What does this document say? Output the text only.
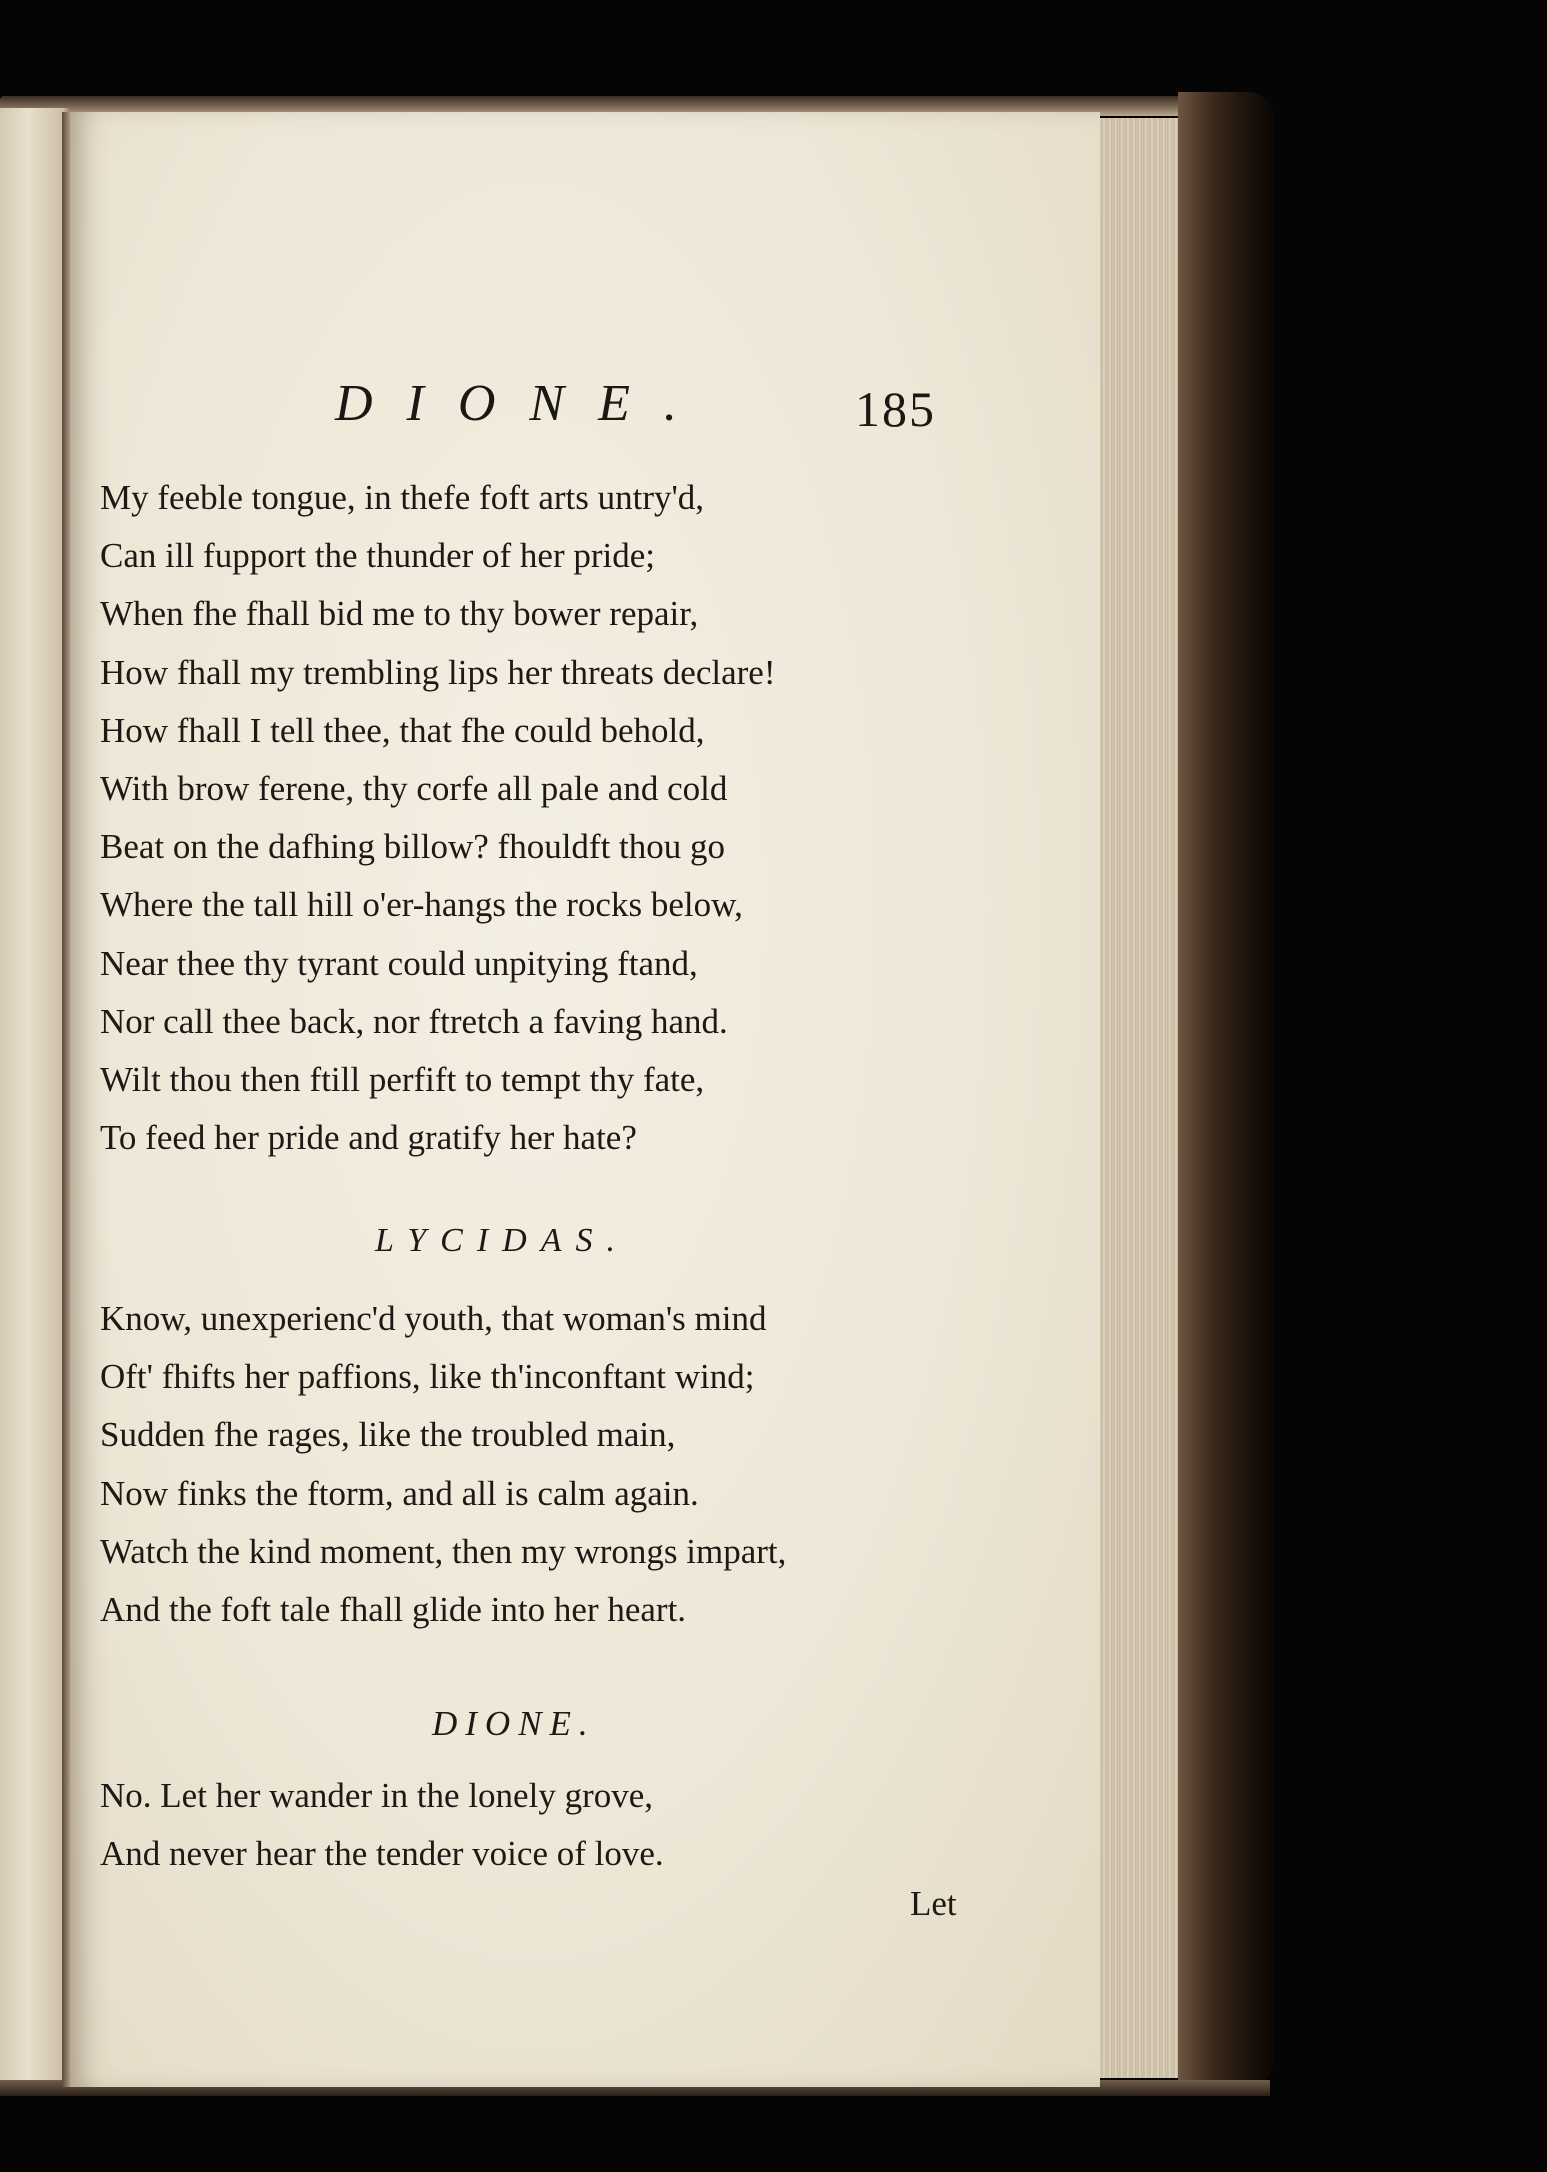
DIONE.	185
My feeble tongue, in thefe foft arts untry'd,
Can ill fupport the thunder of her pride;
When fhe fhall bid me to thy bower repair,
How fhall my trembling lips her threats declare!
How fhall I tell thee, that fhe could behold,
With brow ferene, thy corfe all pale and cold
Beat on the dafhing billow? fhouldft thou go
Where the tall hill o'er-hangs the rocks below,
Near thee thy tyrant could unpitying ftand,
Nor call thee back, nor ftretch a faving hand.
Wilt thou then ftill perfift to tempt thy fate,
To feed her pride and gratify her hate?
LYCIDAS.
Know, unexperienc'd youth, that woman's mind
Oft' fhifts her paffions, like th'inconftant wind;
Sudden fhe rages, like the troubled main,
Now finks the ftorm, and all is calm again.
Watch the kind moment, then my wrongs impart,
And the foft tale fhall glide into her heart.
DIONE.
No. Let her wander in the lonely grove,
And never hear the tender voice of love.
Let
